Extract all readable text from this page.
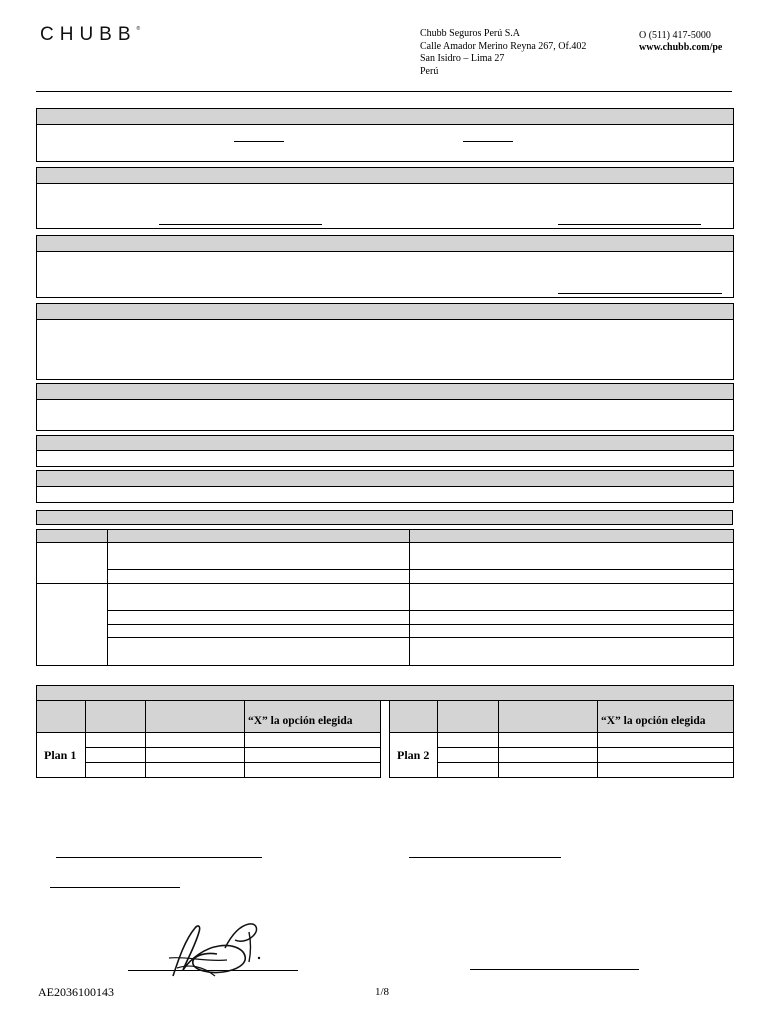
CHUBB®	Chubb Seguros Perú S.A
Calle Amador Merino Reyna 267, Of.402
San Isidro – Lima 27
Perú
O (511) 417-5000
www.chubb.com/pe
“X” la opción elegida
Plan 1
“X” la opción elegida
Plan 2
AE2036100143	1/8
